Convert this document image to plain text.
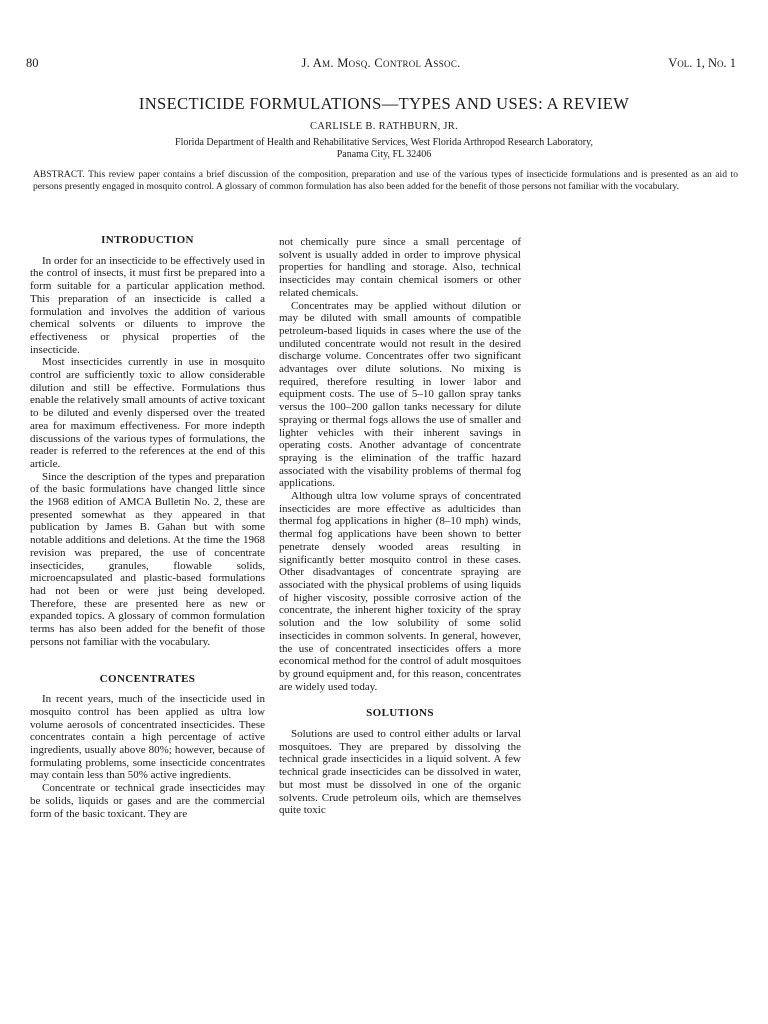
80	J. Am. Mosq. Control Assoc.	Vol. 1, No. 1
INSECTICIDE FORMULATIONS—TYPES AND USES: A REVIEW
CARLISLE B. RATHBURN, JR.
Florida Department of Health and Rehabilitative Services, West Florida Arthropod Research Laboratory,
Panama City, FL 32406
ABSTRACT. This review paper contains a brief discussion of the composition, preparation and use of the various types of insecticide formulations and is presented as an aid to persons presently engaged in mosquito control. A glossary of common formulation has also been added for the benefit of those persons not familiar with the vocabulary.
INTRODUCTION

In order for an insecticide to be effectively used in the control of insects, it must first be prepared into a form suitable for a particular application method. This preparation of an insecticide is called a formulation and involves the addition of various chemical solvents or diluents to improve the effectiveness or physical properties of the insecticide.

Most insecticides currently in use in mosquito control are sufficiently toxic to allow considerable dilution and still be effective. Formulations thus enable the relatively small amounts of active toxicant to be diluted and evenly dispersed over the treated area for maximum effectiveness. For more indepth discussions of the various types of formulations, the reader is referred to the references at the end of this article.

Since the description of the types and preparation of the basic formulations have changed little since the 1968 edition of AMCA Bulletin No. 2, these are presented somewhat as they appeared in that publication by James B. Gahan but with some notable additions and deletions. At the time the 1968 revision was prepared, the use of concentrate insecticides, granules, flowable solids, microencapsulated and plastic-based formulations had not been or were just being developed. Therefore, these are presented here as new or expanded topics. A glossary of common formulation terms has also been added for the benefit of those persons not familiar with the vocabulary.

CONCENTRATES

In recent years, much of the insecticide used in mosquito control has been applied as ultra low volume aerosols of concentrated insecticides. These concentrates contain a high percentage of active ingredients, usually above 80%; however, because of formulating problems, some insecticide concentrates may contain less than 50% active ingredients.

Concentrate or technical grade insecticides may be solids, liquids or gases and are the commercial form of the basic toxicant. They are

not chemically pure since a small percentage of solvent is usually added in order to improve physical properties for handling and storage. Also, technical insecticides may contain chemical isomers or other related chemicals.

Concentrates may be applied without dilution or may be diluted with small amounts of compatible petroleum-based liquids in cases where the use of the undiluted concentrate would not result in the desired discharge volume. Concentrates offer two significant advantages over dilute solutions. No mixing is required, therefore resulting in lower labor and equipment costs. The use of 5–10 gallon spray tanks versus the 100–200 gallon tanks necessary for dilute spraying or thermal fogs allows the use of smaller and lighter vehicles with their inherent savings in operating costs. Another advantage of concentrate spraying is the elimination of the traffic hazard associated with the visability problems of thermal fog applications.

Although ultra low volume sprays of concentrated insecticides are more effective as adulticides than thermal fog applications in higher (8–10 mph) winds, thermal fog applications have been shown to better penetrate densely wooded areas resulting in significantly better mosquito control in these cases. Other disadvantages of concentrate spraying are associated with the physical problems of using liquids of higher viscosity, possible corrosive action of the concentrate, the inherent higher toxicity of the spray solution and the low solubility of some solid insecticides in common solvents. In general, however, the use of concentrated insecticides offers a more economical method for the control of adult mosquitoes by ground equipment and, for this reason, concentrates are widely used today.

SOLUTIONS

Solutions are used to control either adults or larval mosquitoes. They are prepared by dissolving the technical grade insecticides in a liquid solvent. A few technical grade insecticides can be dissolved in water, but most must be dissolved in one of the organic solvents. Crude petroleum oils, which are themselves quite toxic
